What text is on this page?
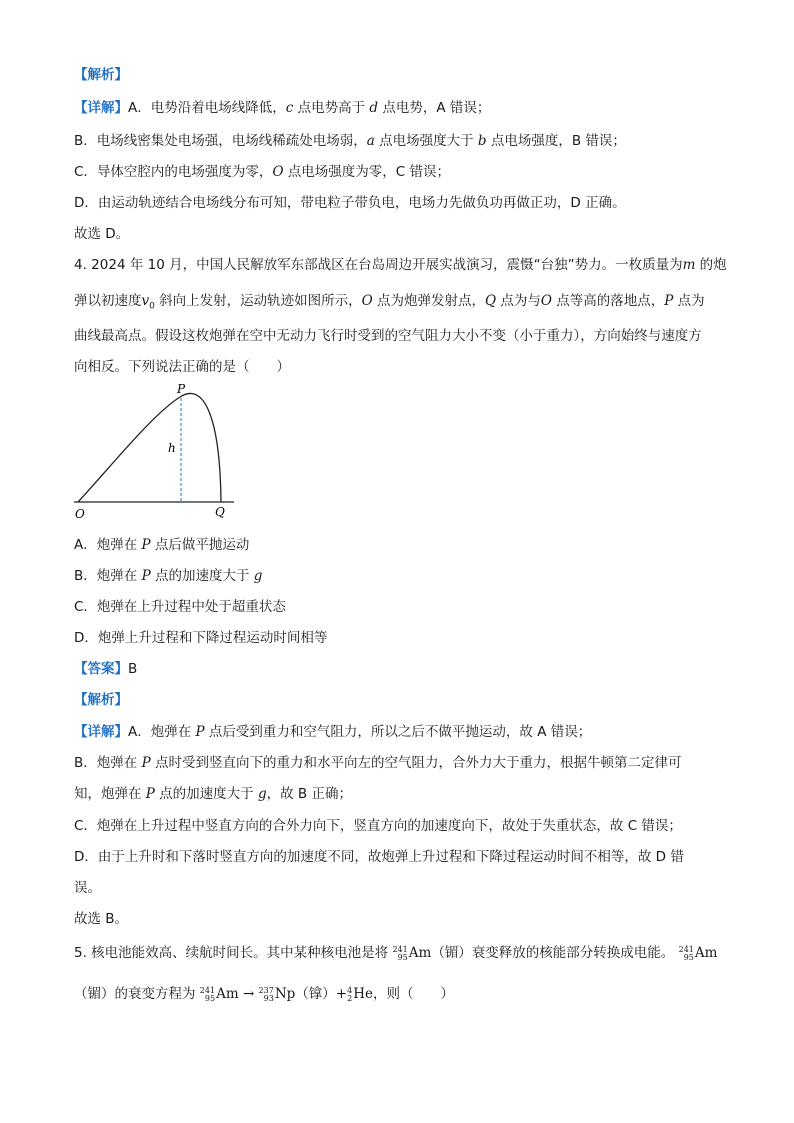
【解析】
【详解】A．电势沿着电场线降低，c 点电势高于 d 点电势，A 错误；
B．电场线密集处电场强，电场线稀疏处电场弱，a 点电场强度大于 b 点电场强度，B 错误；
C．导体空腔内的电场强度为零，O 点电场强度为零，C 错误；
D．由运动轨迹结合电场线分布可知，带电粒子带负电，电场力先做负功再做正功，D 正确。
故选 D。
4. 2024 年 10 月，中国人民解放军东部战区在台岛周边开展实战演习，震慑“台独”势力。一枚质量为m 的炮
弹以初速度$v_0$ 斜向上发射，运动轨迹如图所示，O 点为炮弹发射点，Q 点为与O 点等高的落地点，P 点为
曲线最高点。假设这枚炮弹在空中无动力飞行时受到的空气阻力大小不变（小于重力），方向始终与速度方
向相反。下列说法正确的是（　　）
P
h
O	Q
A．炮弹在 P 点后做平抛运动
B．炮弹在 P 点的加速度大于 g
C．炮弹在上升过程中处于超重状态
D．炮弹上升过程和下降过程运动时间相等
【答案】B
【解析】
【详解】A．炮弹在 P 点后受到重力和空气阻力，所以之后不做平抛运动，故 A 错误；
B．炮弹在 P 点时受到竖直向下的重力和水平向左的空气阻力，合外力大于重力，根据牛顿第二定律可
知，炮弹在 P 点的加速度大于 g，故 B 正确；
C．炮弹在上升过程中竖直方向的合外力向下，竖直方向的加速度向下，故处于失重状态，故 C 错误；
D．由于上升时和下落时竖直方向的加速度不同，故炮弹上升过程和下降过程运动时间不相等，故 D 错
误。
故选 B。
5. 核电池能效高、续航时间长。其中某种核电池是将 241
95 Am（镅）衰变释放的核能部分转换成电能。 241
95 Am
（镅）的衰变方程为 241
95 Am → 237
93 Np（镎）+ 4
2 He，则（　　）
